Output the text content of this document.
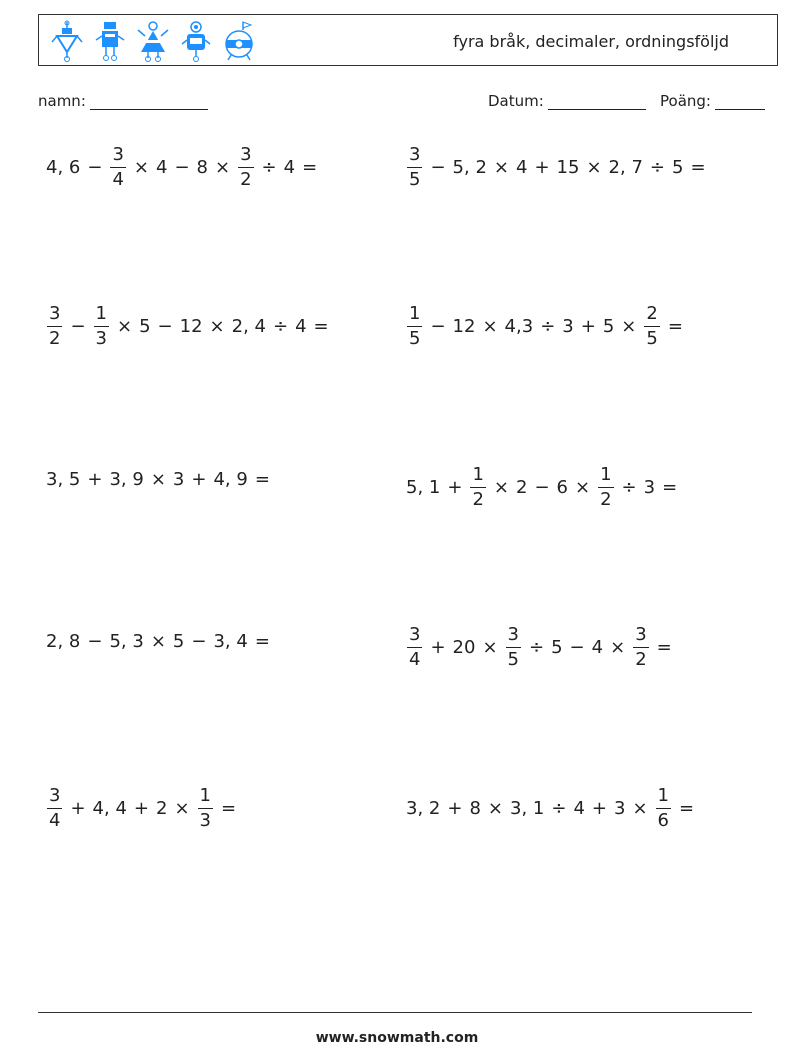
fyra bråk, decimaler, ordningsföljd
namn:	Datum:	Poäng:
4, $6 - \frac{3}{4} \times 4 - 8 \times \frac{3}{2} \div 4$ =	$\frac{3}{5} - 5$, 2 × 4 + 15 × 2, 7 ÷ 5 =
$\frac{3}{2} - \frac{1}{3} \times 5 - 12 \times 2$, 4 ÷ 4 =	$\frac{1}{5} - 12 \times 4,3 \div 3 + 5 \times \frac{2}{5}$ =
3, 5 + 3, 9 × 3 + 4, 9 =	5, $1 + \frac{1}{2} \times 2 - 6 \times \frac{1}{2} \div 3$ =
2, 8 − 5, 3 × 5 − 3, 4 =	$\frac{3}{4} + 20 \times \frac{3}{5} \div 5 - 4 \times \frac{3}{2}$ =
$\frac{3}{4} + 4$, $4 + 2 \times \frac{1}{3}$ =	3, 2 + 8 × 3, $1 \div 4 + 3 \times \frac{1}{6}$ =
www.snowmath.com
